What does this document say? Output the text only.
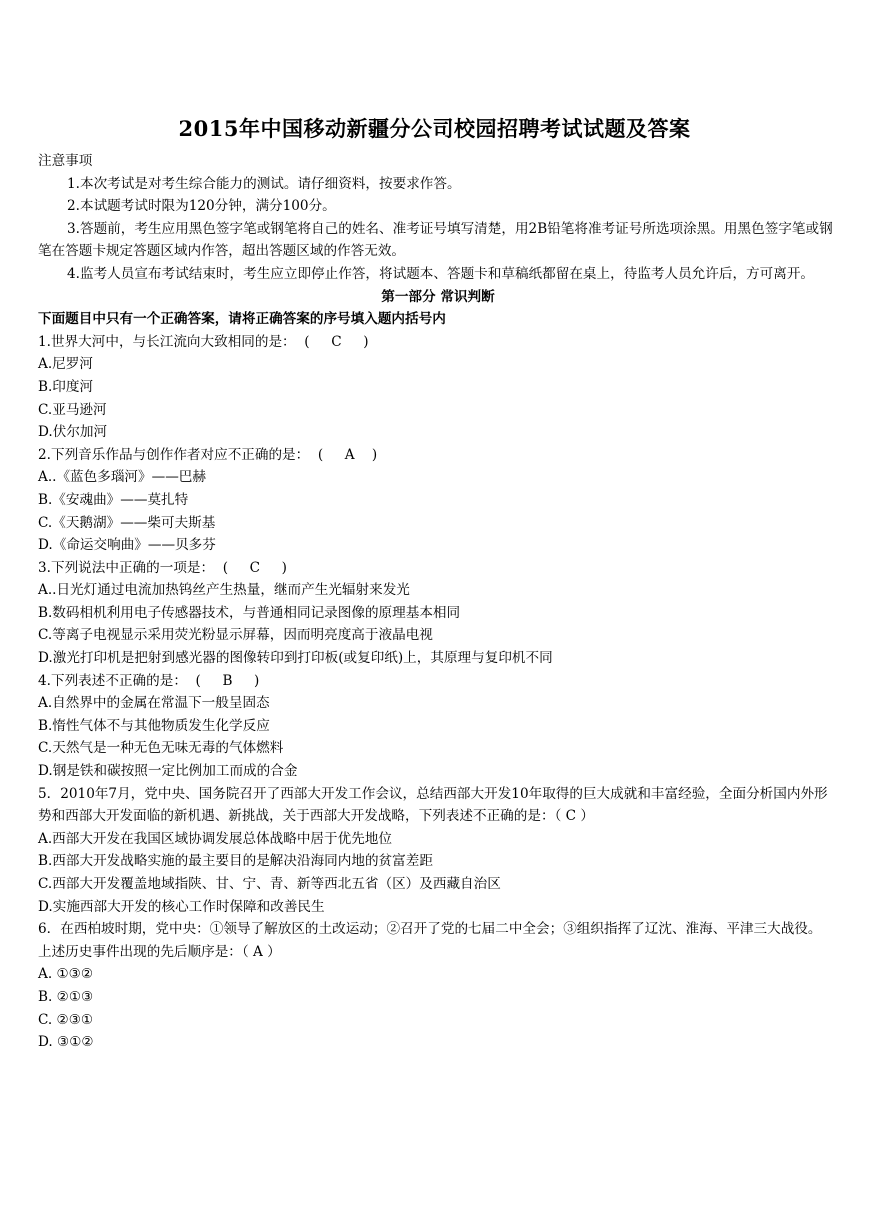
2015年中国移动新疆分公司校园招聘考试试题及答案
注意事项
1.本次考试是对考生综合能力的测试。请仔细资料，按要求作答。
2.本试题考试时限为120分钟，满分100分。
3.答题前，考生应用黑色签字笔或钢笔将自己的姓名、准考证号填写清楚，用2B铅笔将准考证号所选项涂黑。用黑色签字笔或钢笔在答题卡规定答题区域内作答，超出答题区域的作答无效。
4.监考人员宣布考试结束时，考生应立即停止作答，将试题本、答题卡和草稿纸都留在桌上，待监考人员允许后，方可离开。
第一部分 常识判断
下面题目中只有一个正确答案，请将正确答案的序号填入题内括号内
1.世界大河中，与长江流向大致相同的是：  (     C     )
A.尼罗河
B.印度河
C.亚马逊河
D.伏尔加河
2.下列音乐作品与创作作者对应不正确的是：  (     A    )
A..《蓝色多瑙河》——巴赫
B.《安魂曲》——莫扎特
C.《天鹅湖》——柴可夫斯基
D.《命运交响曲》——贝多芬
3.下列说法中正确的一项是：  (     C     )
A..日光灯通过电流加热钨丝产生热量，继而产生光辐射来发光
B.数码相机利用电子传感器技术，与普通相同记录图像的原理基本相同
C.等离子电视显示采用荧光粉显示屏幕，因而明亮度高于液晶电视
D.激光打印机是把射到感光器的图像转印到打印板(或复印纸)上，其原理与复印机不同
4.下列表述不正确的是：  (     B     )
A.自然界中的金属在常温下一般呈固态
B.惰性气体不与其他物质发生化学反应
C.天然气是一种无色无味无毒的气体燃料
D.钢是铁和碳按照一定比例加工而成的合金
5．2010年7月，党中央、国务院召开了西部大开发工作会议，总结西部大开发10年取得的巨大成就和丰富经验，全面分析国内外形势和西部大开发面临的新机遇、新挑战，关于西部大开发战略，下列表述不正确的是：（ C ）
A.西部大开发在我国区域协调发展总体战略中居于优先地位
B.西部大开发战略实施的最主要目的是解决沿海同内地的贫富差距
C.西部大开发覆盖地域指陕、甘、宁、青、新等西北五省（区）及西藏自治区
D.实施西部大开发的核心工作时保障和改善民生
6．在西柏坡时期，党中央：①领导了解放区的土改运动；②召开了党的七届二中全会；③组织指挥了辽沈、淮海、平津三大战役。
上述历史事件出现的先后顺序是：（ A ）
A. ①③②
B. ②①③
C. ②③①
D. ③①②
